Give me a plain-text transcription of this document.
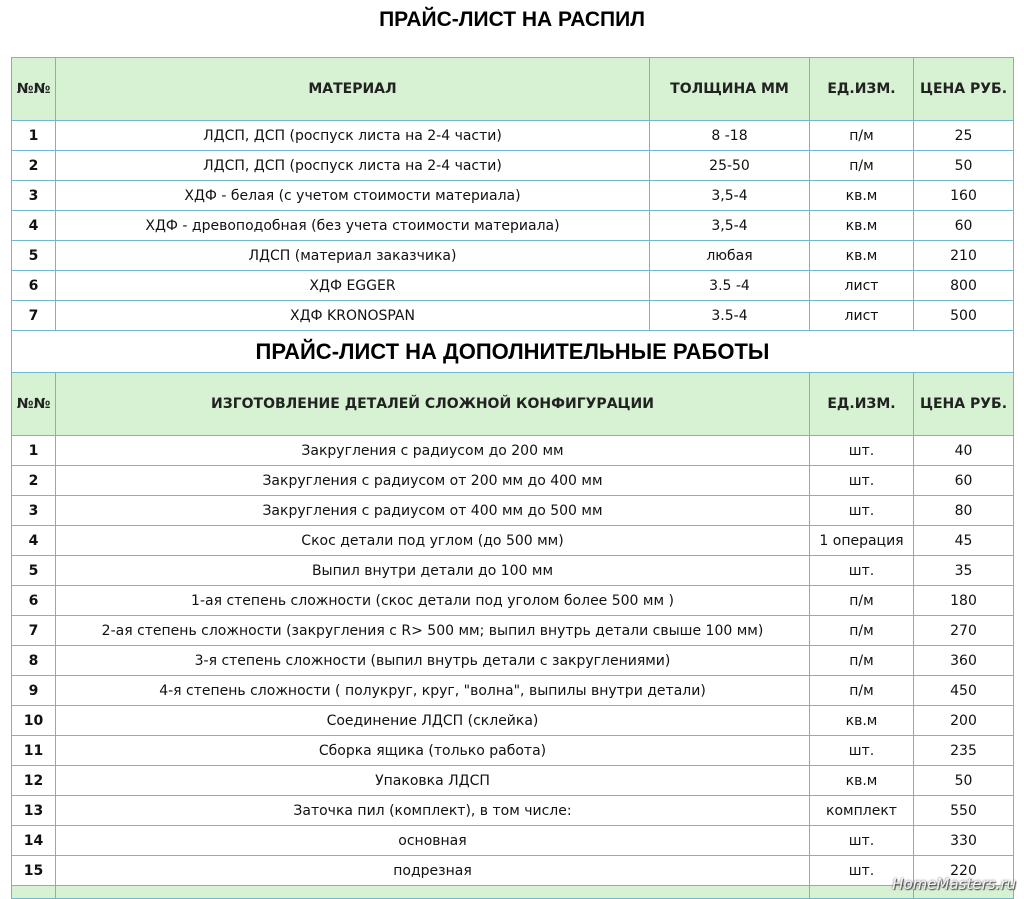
ПРАЙС-ЛИСТ НА РАСПИЛ
№№	МАТЕРИАЛ	ТОЛЩИНА ММ	ЕД.ИЗМ.	ЦЕНА РУБ.
1	ЛДСП, ДСП (роспуск листа на 2-4 части)	8 -18	п/м	25
2	ЛДСП, ДСП (роспуск листа на 2-4 части)	25-50	п/м	50
3	ХДФ - белая (с учетом стоимости материала)	3,5-4	кв.м	160
4	ХДФ - древоподобная (без учета стоимости материала)	3,5-4	кв.м	60
5	ЛДСП (материал заказчика)	любая	кв.м	210
6	ХДФ EGGER	3.5 -4	лист	800
7	ХДФ KRONOSPAN	3.5-4	лист	500
ПРАЙС-ЛИСТ НА ДОПОЛНИТЕЛЬНЫЕ РАБОТЫ				
№№	ИЗГОТОВЛЕНИЕ ДЕТАЛЕЙ СЛОЖНОЙ КОНФИГУРАЦИИ		ЕД.ИЗМ.	ЦЕНА РУБ.
1	Закругления с радиусом до 200 мм		шт.	40
2	Закругления с радиусом от 200 мм до 400 мм		шт.	60
3	Закругления с радиусом от 400 мм до 500 мм		шт.	80
4	Скос детали под углом (до 500 мм)		1 операция	45
5	Выпил внутри детали до 100 мм		шт.	35
6	1-ая степень сложности (скос детали под уголом более 500 мм )		п/м	180
7	2-ая степень сложности (закругления с R> 500 мм; выпил внутрь детали свыше 100 мм)		п/м	270
8	3-я степень сложности (выпил внутрь детали с закруглениями)		п/м	360
9	4-я степень сложности ( полукруг, круг, "волна", выпилы внутри детали)		п/м	450
10	Соединение ЛДСП (склейка)		кв.м	200
11	Сборка ящика (только работа)		шт.	235
12	Упаковка ЛДСП		кв.м	50
13	Заточка пил (комплект), в том числе:		комплект	550
14	основная		шт.	330
15	подрезная		шт.	220

HomeMasters.ru
